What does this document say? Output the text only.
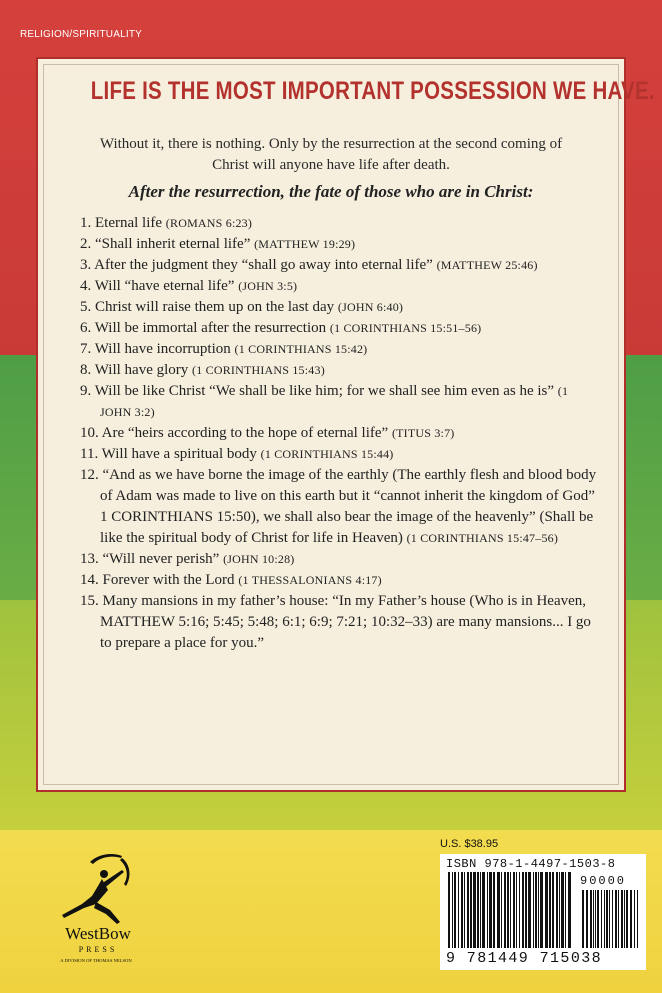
RELIGION/SPIRITUALITY
LIFE IS THE MOST IMPORTANT POSSESSION WE HAVE.
Without it, there is nothing. Only by the resurrection at the second coming of Christ will anyone have life after death.
After the resurrection, the fate of those who are in Christ:
1. Eternal life (ROMANS 6:23)
2. “Shall inherit eternal life” (MATTHEW 19:29)
3. After the judgment they “shall go away into eternal life” (MATTHEW 25:46)
4. Will “have eternal life” (JOHN 3:5)
5. Christ will raise them up on the last day (JOHN 6:40)
6. Will be immortal after the resurrection (1 CORINTHIANS 15:51–56)
7. Will have incorruption (1 CORINTHIANS 15:42)
8. Will have glory (1 CORINTHIANS 15:43)
9. Will be like Christ “We shall be like him; for we shall see him even as he is” (1 JOHN 3:2)
10. Are “heirs according to the hope of eternal life” (TITUS 3:7)
11. Will have a spiritual body (1 CORINTHIANS 15:44)
12. “And as we have borne the image of the earthly (The earthly flesh and blood body of Adam was made to live on this earth but it “cannot inherit the kingdom of God” 1 CORINTHIANS 15:50), we shall also bear the image of the heavenly” (Shall be like the spiritual body of Christ for life in Heaven) (1 CORINTHIANS 15:47–56)
13. “Will never perish” (JOHN 10:28)
14. Forever with the Lord (1 THESSALONIANS 4:17)
15. Many mansions in my father’s house: “In my Father’s house (Who is in Heaven, MATTHEW 5:16; 5:45; 5:48; 6:1; 6:9; 7:21; 10:32–33) are many mansions... I go to prepare a place for you.”
WestBow
PRESS
A DIVISION OF THOMAS NELSON
U.S. $38.95
ISBN 978-1-4497-1503-8
90000
9 781449 715038
